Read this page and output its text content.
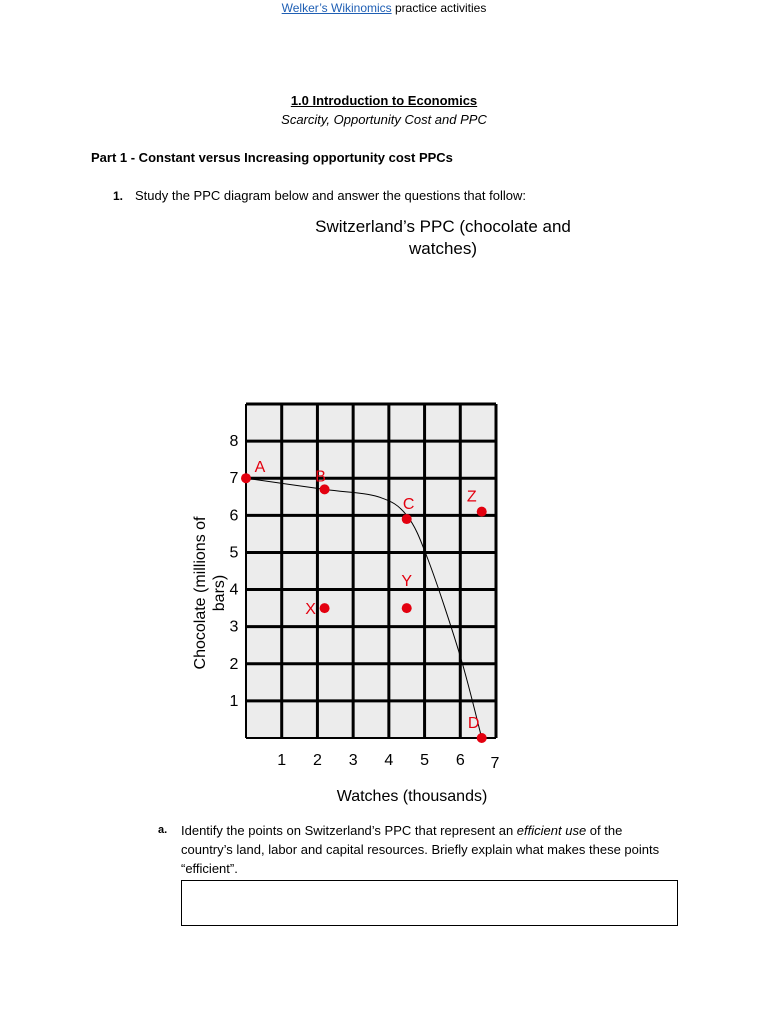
Welker’s Wikinomics practice activities
1.0 Introduction to Economics
Scarcity, Opportunity Cost and PPC
Part 1 - Constant versus Increasing opportunity cost PPCs
1. Study the PPC diagram below and answer the questions that follow:
Switzerland’s PPC (chocolate and
watches)
Chocolate (millions of bars)
1
2
3
4
5
6
7
8
1 2 3 4 5 6 7
A
B
C
D
X
Y
Z
Watches (thousands)
a. Identify the points on Switzerland’s PPC that represent an efficient use of the country’s land, labor and capital resources. Briefly explain what makes these points “efficient”.
